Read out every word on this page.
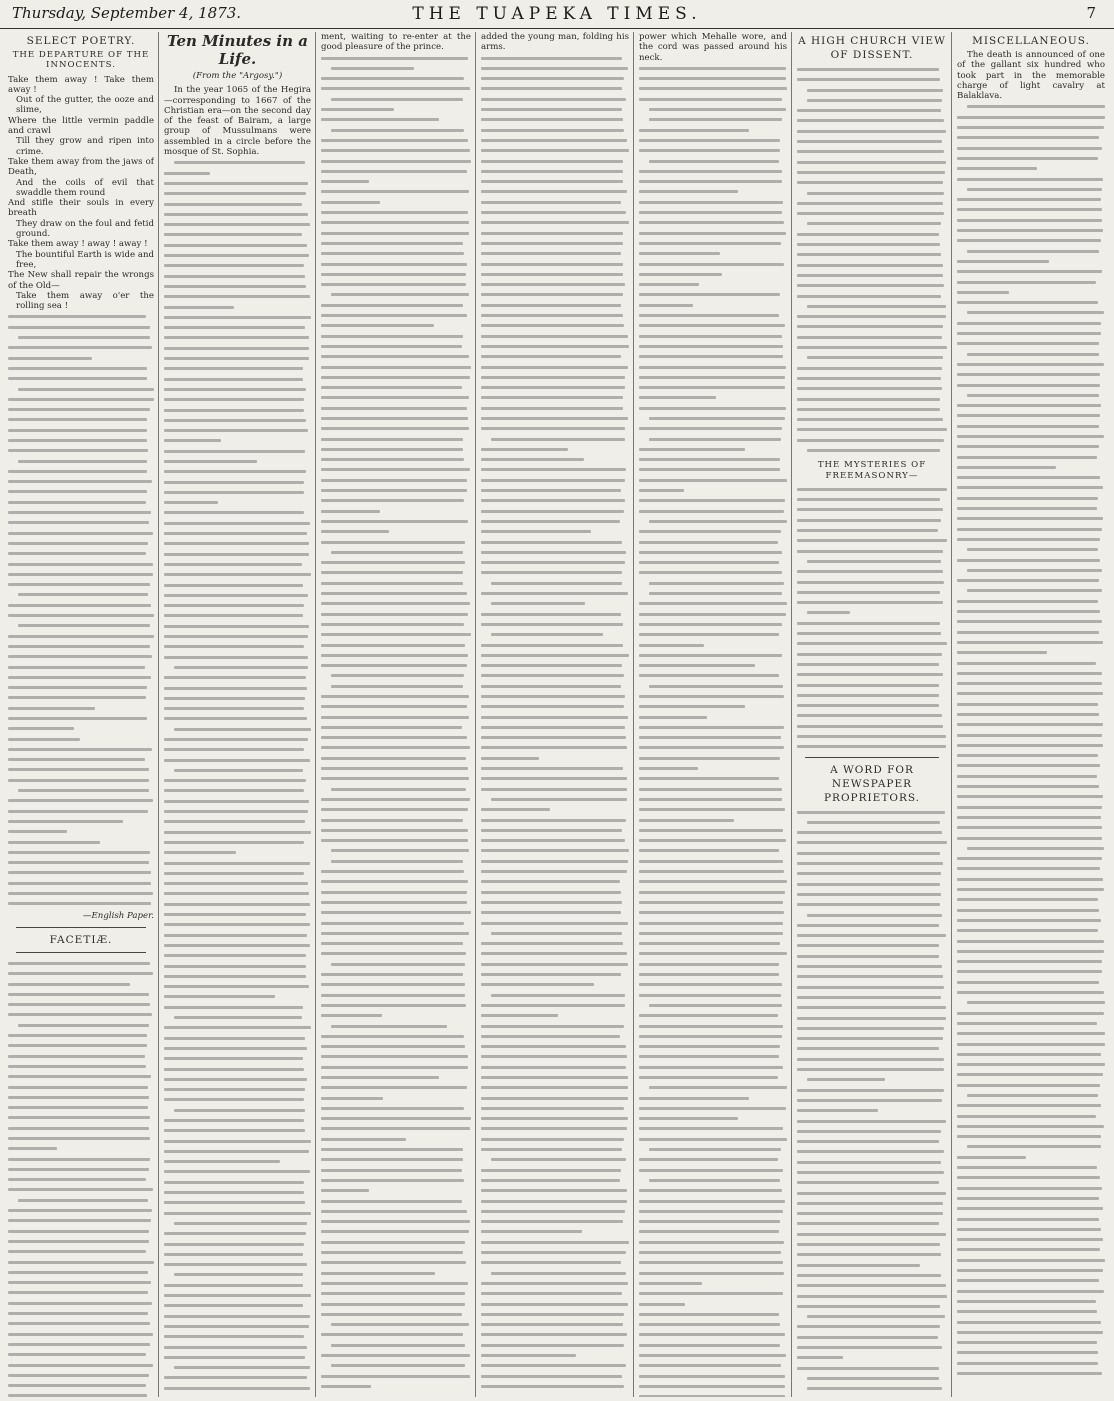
Thursday, September 4, 1873.	THE TUAPEKA TIMES.	7
SELECT POETRY.
THE DEPARTURE OF THE INNOCENTS.

Take them away ! Take them away !

Out of the gutter, the ooze and slime,

Where the little vermin paddle and crawl

Till they grow and ripen into crime.

Take them away from the jaws of Death,

And the coils of evil that swaddle them round

And stifle their souls in every breath

They draw on the foul and fetid ground.

Take them away ! away ! away !

The bountiful Earth is wide and free,

The New shall repair the wrongs of the Old—

Take them away o'er the rolling sea !

—English Paper.
FACETIÆ.
Ten Minutes in a Life.
(From the "Argosy.")

In the year 1065 of the Hegira—corresponding to 1667 of the Christian era—on the second day of the feast of Bairam, a large group of Mussulmans were assembled in a circle before the mosque of St. Sophia.

ment, waiting to re-enter at the good pleasure of the prince.

added the young man, folding his arms.

power which Mehalle wore, and the cord was passed around his neck.

A HIGH CHURCH VIEW OF DISSENT.
THE MYSTERIES OF FREEMASONRY—
A WORD FOR NEWSPAPER PROPRIETORS.
MISCELLANEOUS.

The death is announced of one of the gallant six hundred who took part in the memorable charge of light cavalry at Balaklava.
